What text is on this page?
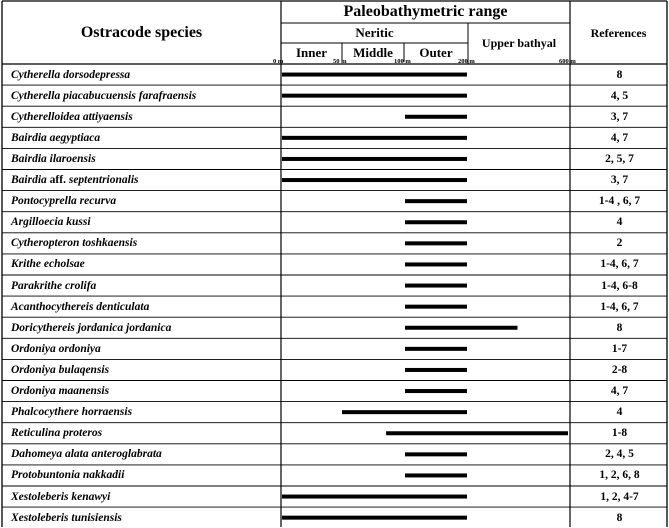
Ostracode species
Paleobathymetric range
References
Neritic
Upper bathyal
Inner	Middle	Outer
0 m	50 m	100 m	200 m	600 m
Cytherella dorsodepressa	8
Cytherella piacabucuensis farafraensis	4, 5
Cytherelloidea attiyaensis	3, 7
Bairdia aegyptiaca	4, 7
Bairdia ilaroensis	2, 5, 7
Bairdia aff. septentrionalis	3, 7
Pontocyprella recurva	1-4 , 6, 7
Argilloecia kussi	4
Cytheropteron toshkaensis	2
Krithe echolsae	1-4, 6, 7
Parakrithe crolifa	1-4, 6-8
Acanthocythereis denticulata	1-4, 6, 7
Doricythereis jordanica jordanica	8
Ordoniya ordoniya	1-7
Ordoniya bulaqensis	2-8
Ordoniya maanensis	4, 7
Phalcocythere horraensis	4
Reticulina proteros	1-8
Dahomeya alata anteroglabrata	2, 4, 5
Protobuntonia nakkadii	1, 2, 6, 8
Xestoleberis kenawyi	1, 2, 4-7
Xestoleberis tunisiensis	8
